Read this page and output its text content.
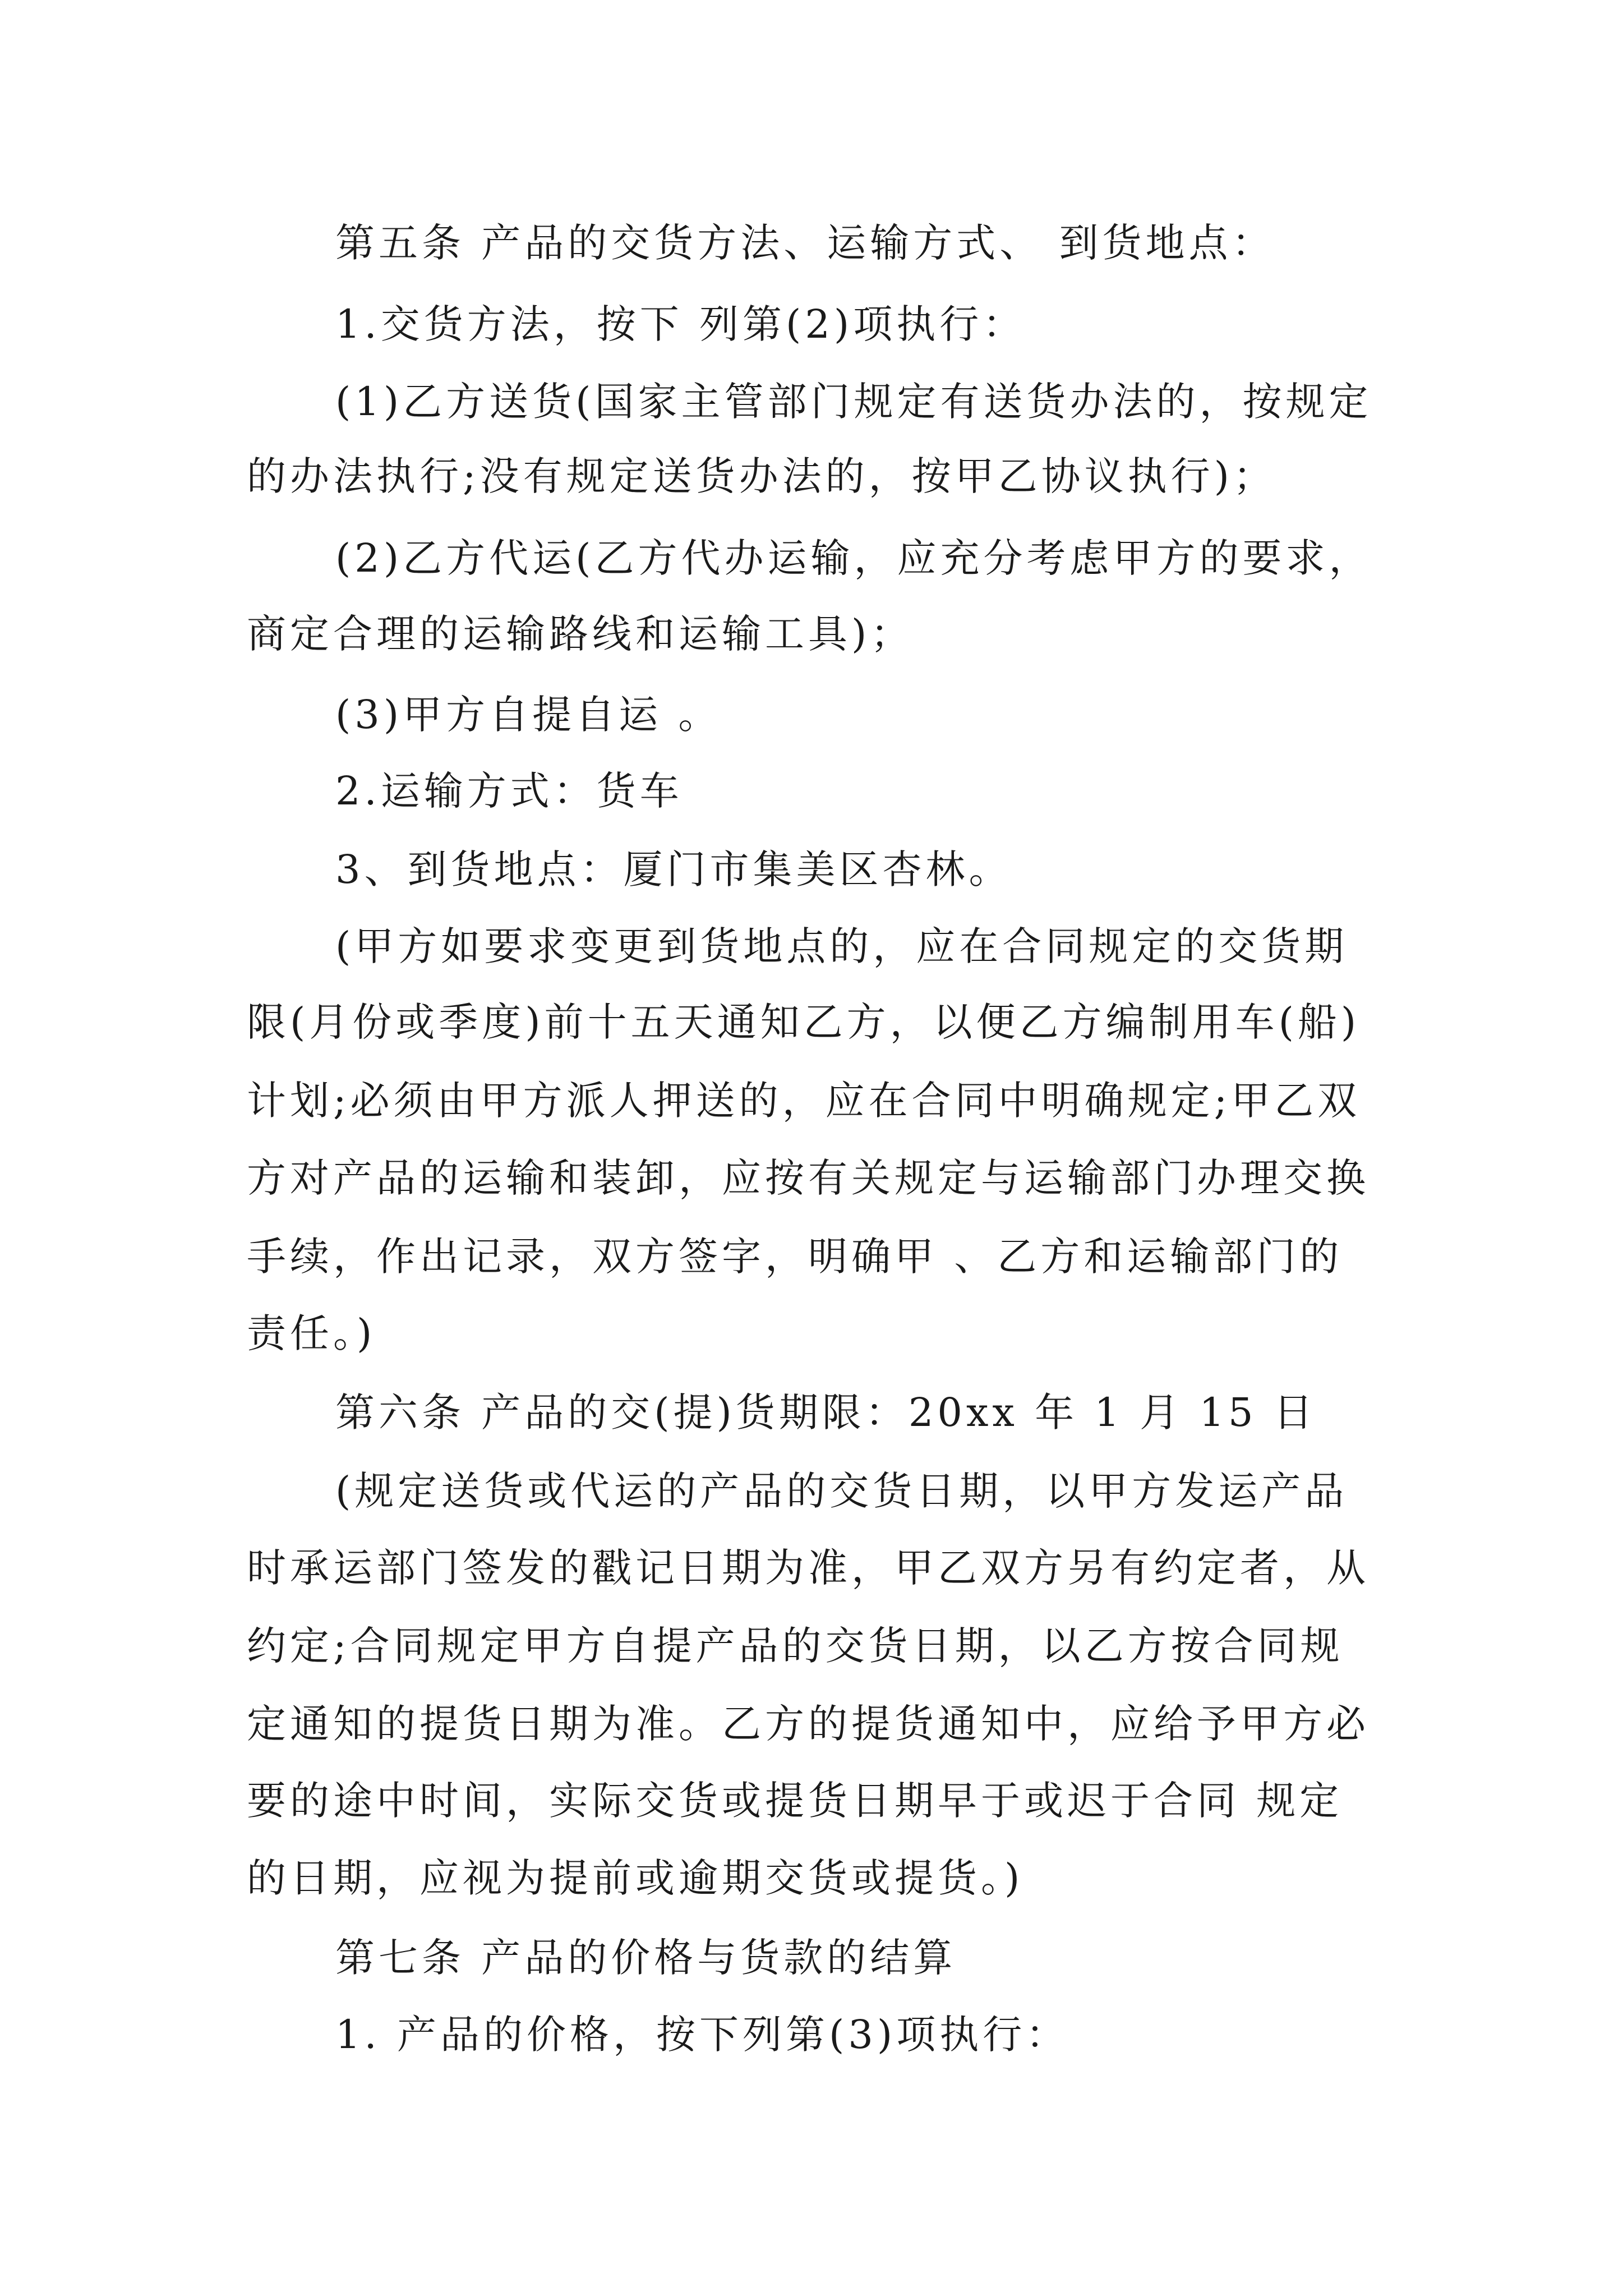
第五条 产品的交货方法、运输方式、 到货地点：

1.交货方法，按下 列第(2)项执行：

(1)乙方送货(国家主管部门规定有送货办法的，按规定

的办法执行;没有规定送货办法的，按甲乙协议执行)；

(2)乙方代运(乙方代办运输，应充分考虑甲方的要求，

商定合理的运输路线和运输工具)；

(3)甲方自提自运 。

2.运输方式：货车

3、到货地点：厦门市集美区杏林。

(甲方如要求变更到货地点的，应在合同规定的交货期

限(月份或季度)前十五天通知乙方，以便乙方编制用车(船)

计划;必须由甲方派人押送的，应在合同中明确规定;甲乙双

方对产品的运输和装卸，应按有关规定与运输部门办理交换

手续，作出记录，双方签字，明确甲 、乙方和运输部门的

责任。)

第六条 产品的交(提)货期限：20xx 年 1 月 15 日

(规定送货或代运的产品的交货日期，以甲方发运产品

时承运部门签发的戳记日期为准，甲乙双方另有约定者，从

约定;合同规定甲方自提产品的交货日期，以乙方按合同规

定通知的提货日期为准。乙方的提货通知中，应给予甲方必

要的途中时间，实际交货或提货日期早于或迟于合同 规定

的日期，应视为提前或逾期交货或提货。)

第七条 产品的价格与货款的结算

1. 产品的价格，按下列第(3)项执行：
